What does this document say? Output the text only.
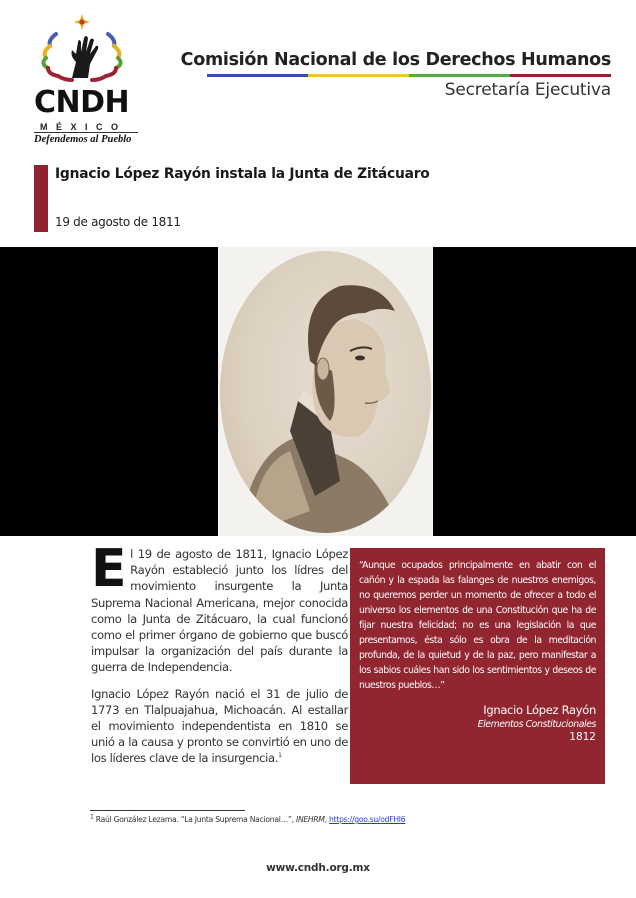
CNDH
MÉXICO
Defendemos al Pueblo
Comisión Nacional de los Derechos Humanos
Secretaría Ejecutiva
Ignacio López Rayón instala la Junta de Zitácuaro
19 de agosto de 1811

El 19 de agosto de 1811, Ignacio López Rayón estableció junto los lídres del movimiento insurgente la Junta Suprema Nacional Americana, mejor conocida como la Junta de Zitácuaro, la cual funcionó como el primer órgano de gobierno que buscó impulsar la organización del país durante la guerra de Independencia.

Ignacio López Rayón nació el 31 de julio de 1773 en Tlalpuajahua, Michoacán. Al estallar el movimiento independentista en 1810 se unió a la causa y pronto se convirtió en uno de los líderes clave de la insurgencia.$^1$

“Aunque ocupados principalmente en abatir con el cañón y la espada las falanges de nuestros enemigos, no queremos perder un momento de ofrecer a todo el universo los elementos de una Constitución que ha de fijar nuestra felicidad; no es una legislación la que presentamos, ésta sólo es obra de la meditación profunda, de la quietud y de la paz, pero manifestar a los sabios cuáles han sido los sentimientos y deseos de nuestros pueblos…”
Ignacio López Rayón
Elementos Constitucionales
1812
$^1$ Raúl González Lezama. “La Junta Suprema Nacional…”, INEHRM, https://goo.su/odFHI6
www.cndh.org.mx
